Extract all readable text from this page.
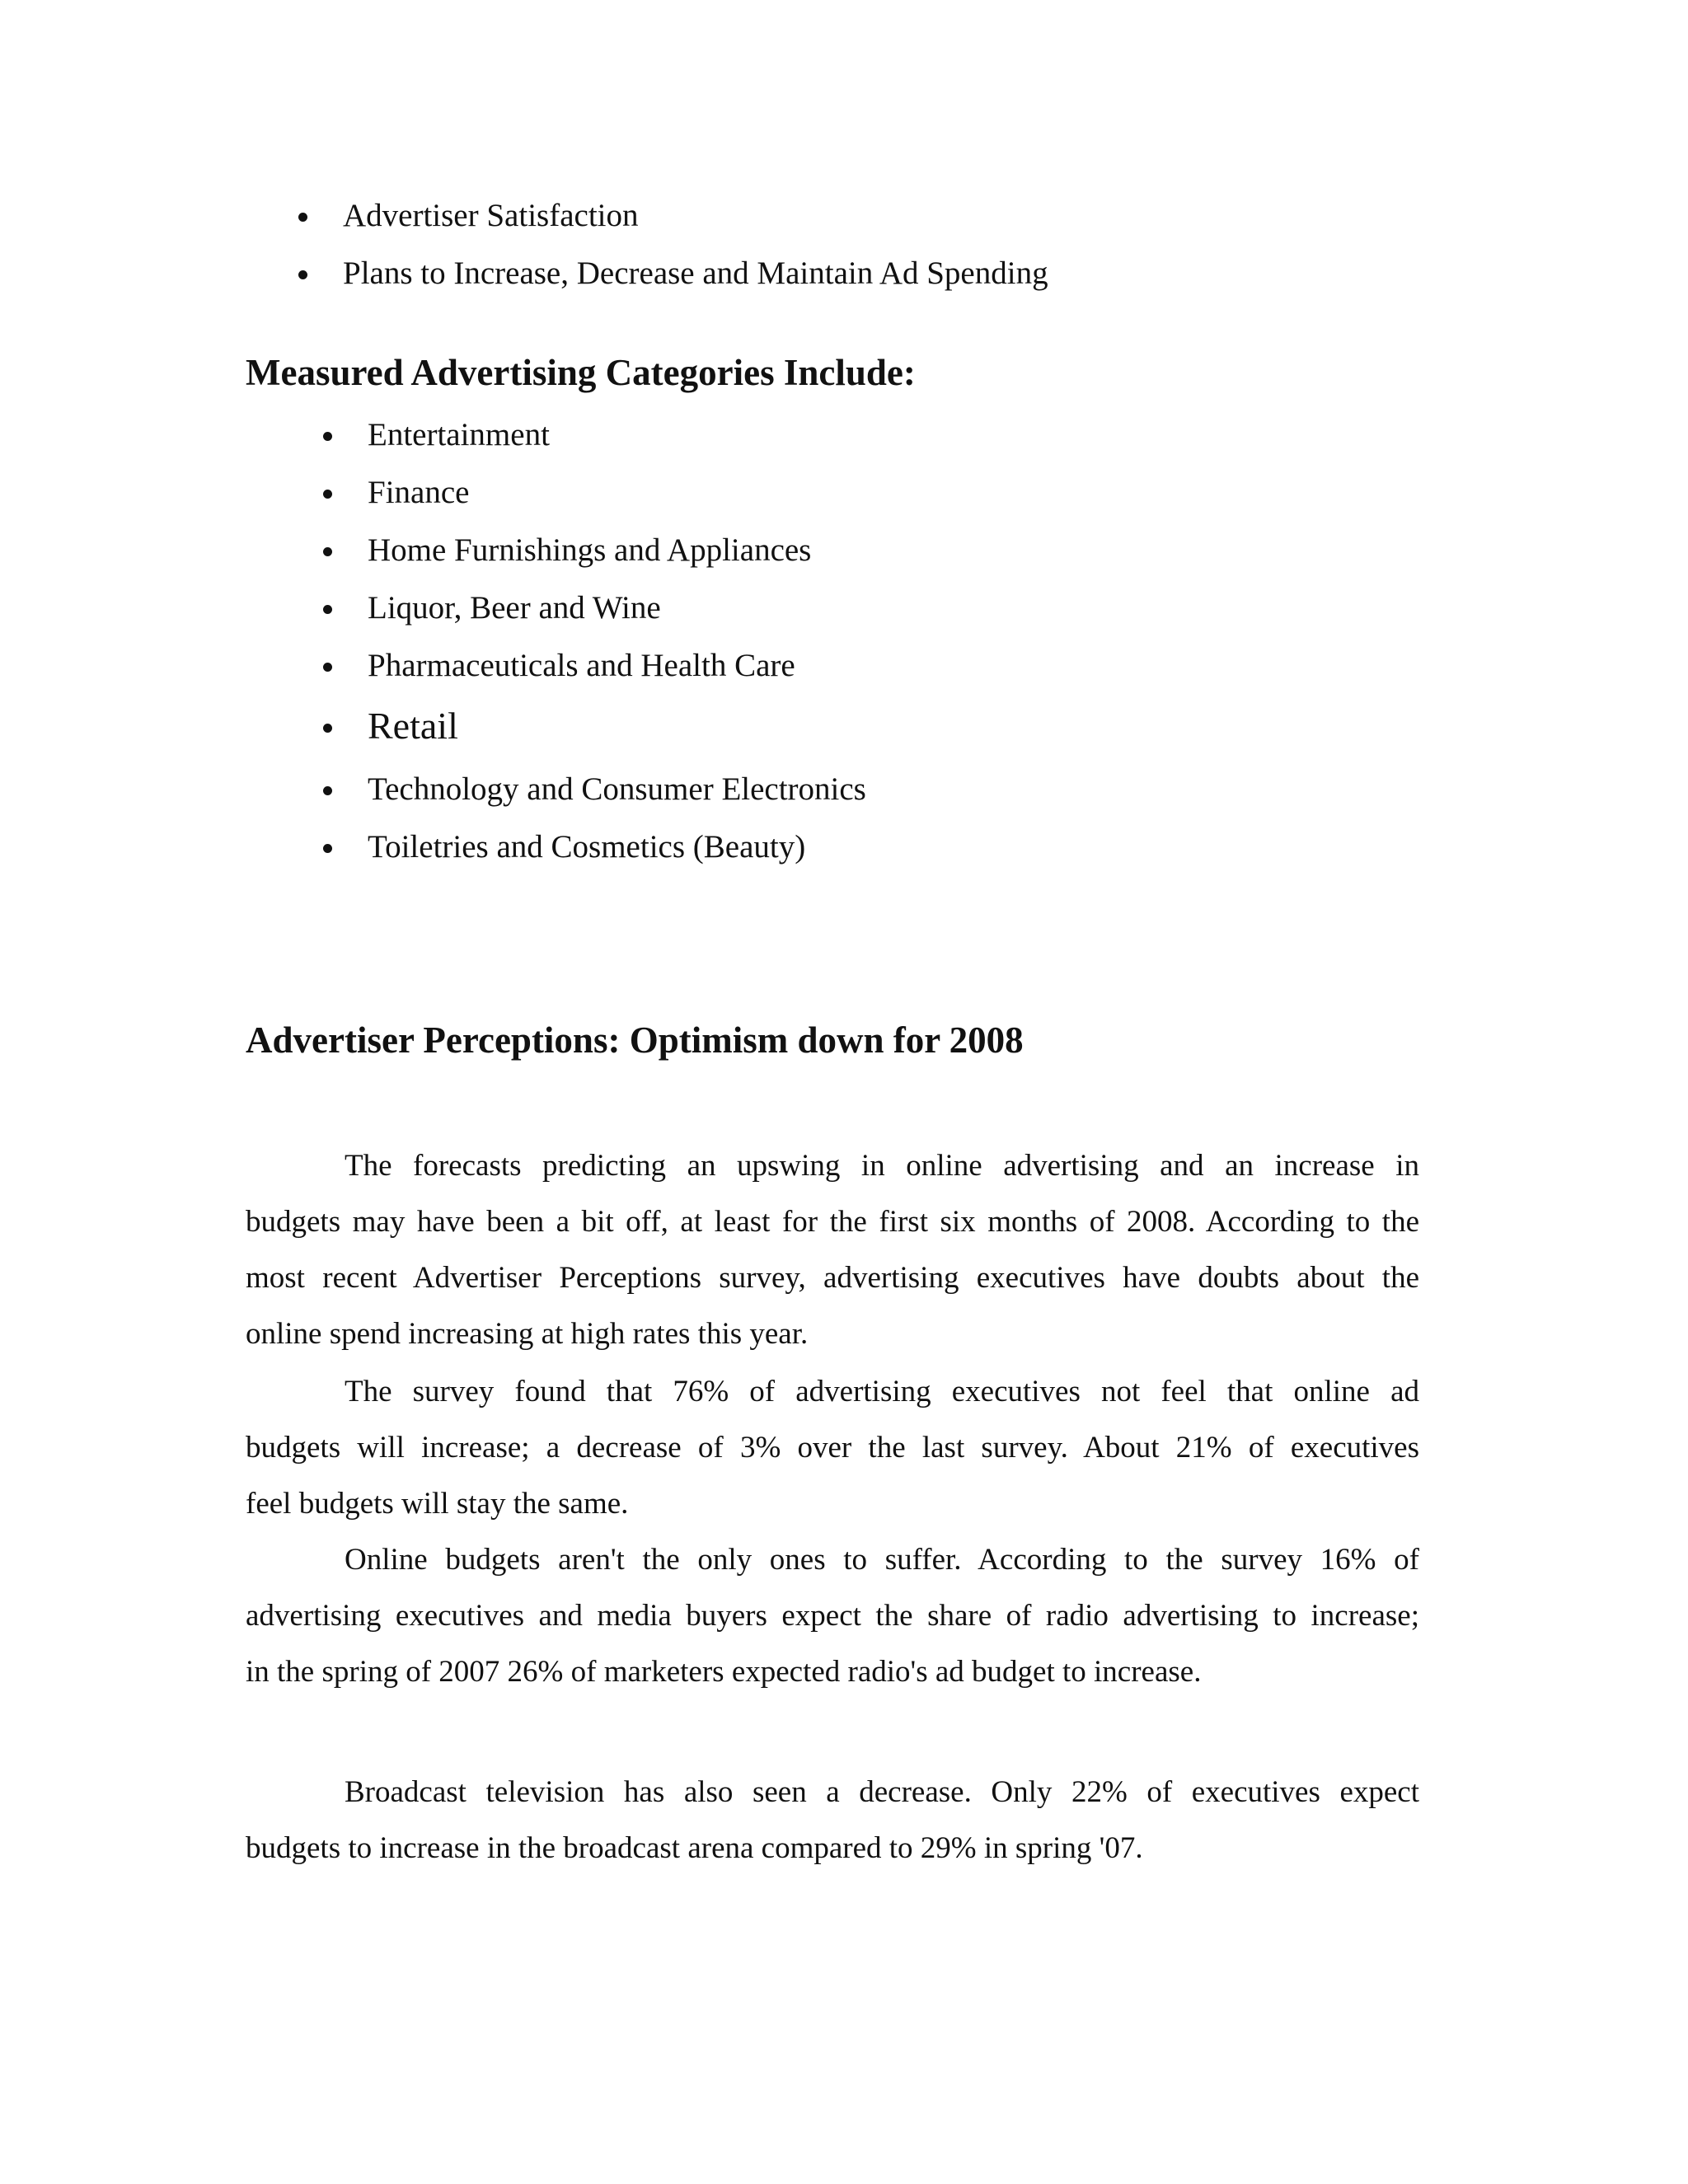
Advertiser Satisfaction
Plans to Increase, Decrease and Maintain Ad Spending
Measured Advertising Categories Include:
Entertainment
Finance
Home Furnishings and Appliances
Liquor, Beer and Wine
Pharmaceuticals and Health Care
Retail
Technology and Consumer Electronics
Toiletries and Cosmetics (Beauty)
Advertiser Perceptions: Optimism down for 2008
The forecasts predicting an upswing in online advertising and an increase in
budgets may have been a bit off, at least for the first six months of 2008. According to the
most recent Advertiser Perceptions survey, advertising executives have doubts about the
online spend increasing at high rates this year.
The survey found that 76% of advertising executives not feel that online ad
budgets will increase; a decrease of 3% over the last survey. About 21% of executives
feel budgets will stay the same.
Online budgets aren't the only ones to suffer. According to the survey 16% of
advertising executives and media buyers expect the share of radio advertising to increase;
in the spring of 2007 26% of marketers expected radio's ad budget to increase.
Broadcast television has also seen a decrease. Only 22% of executives expect
budgets to increase in the broadcast arena compared to 29% in spring '07.
